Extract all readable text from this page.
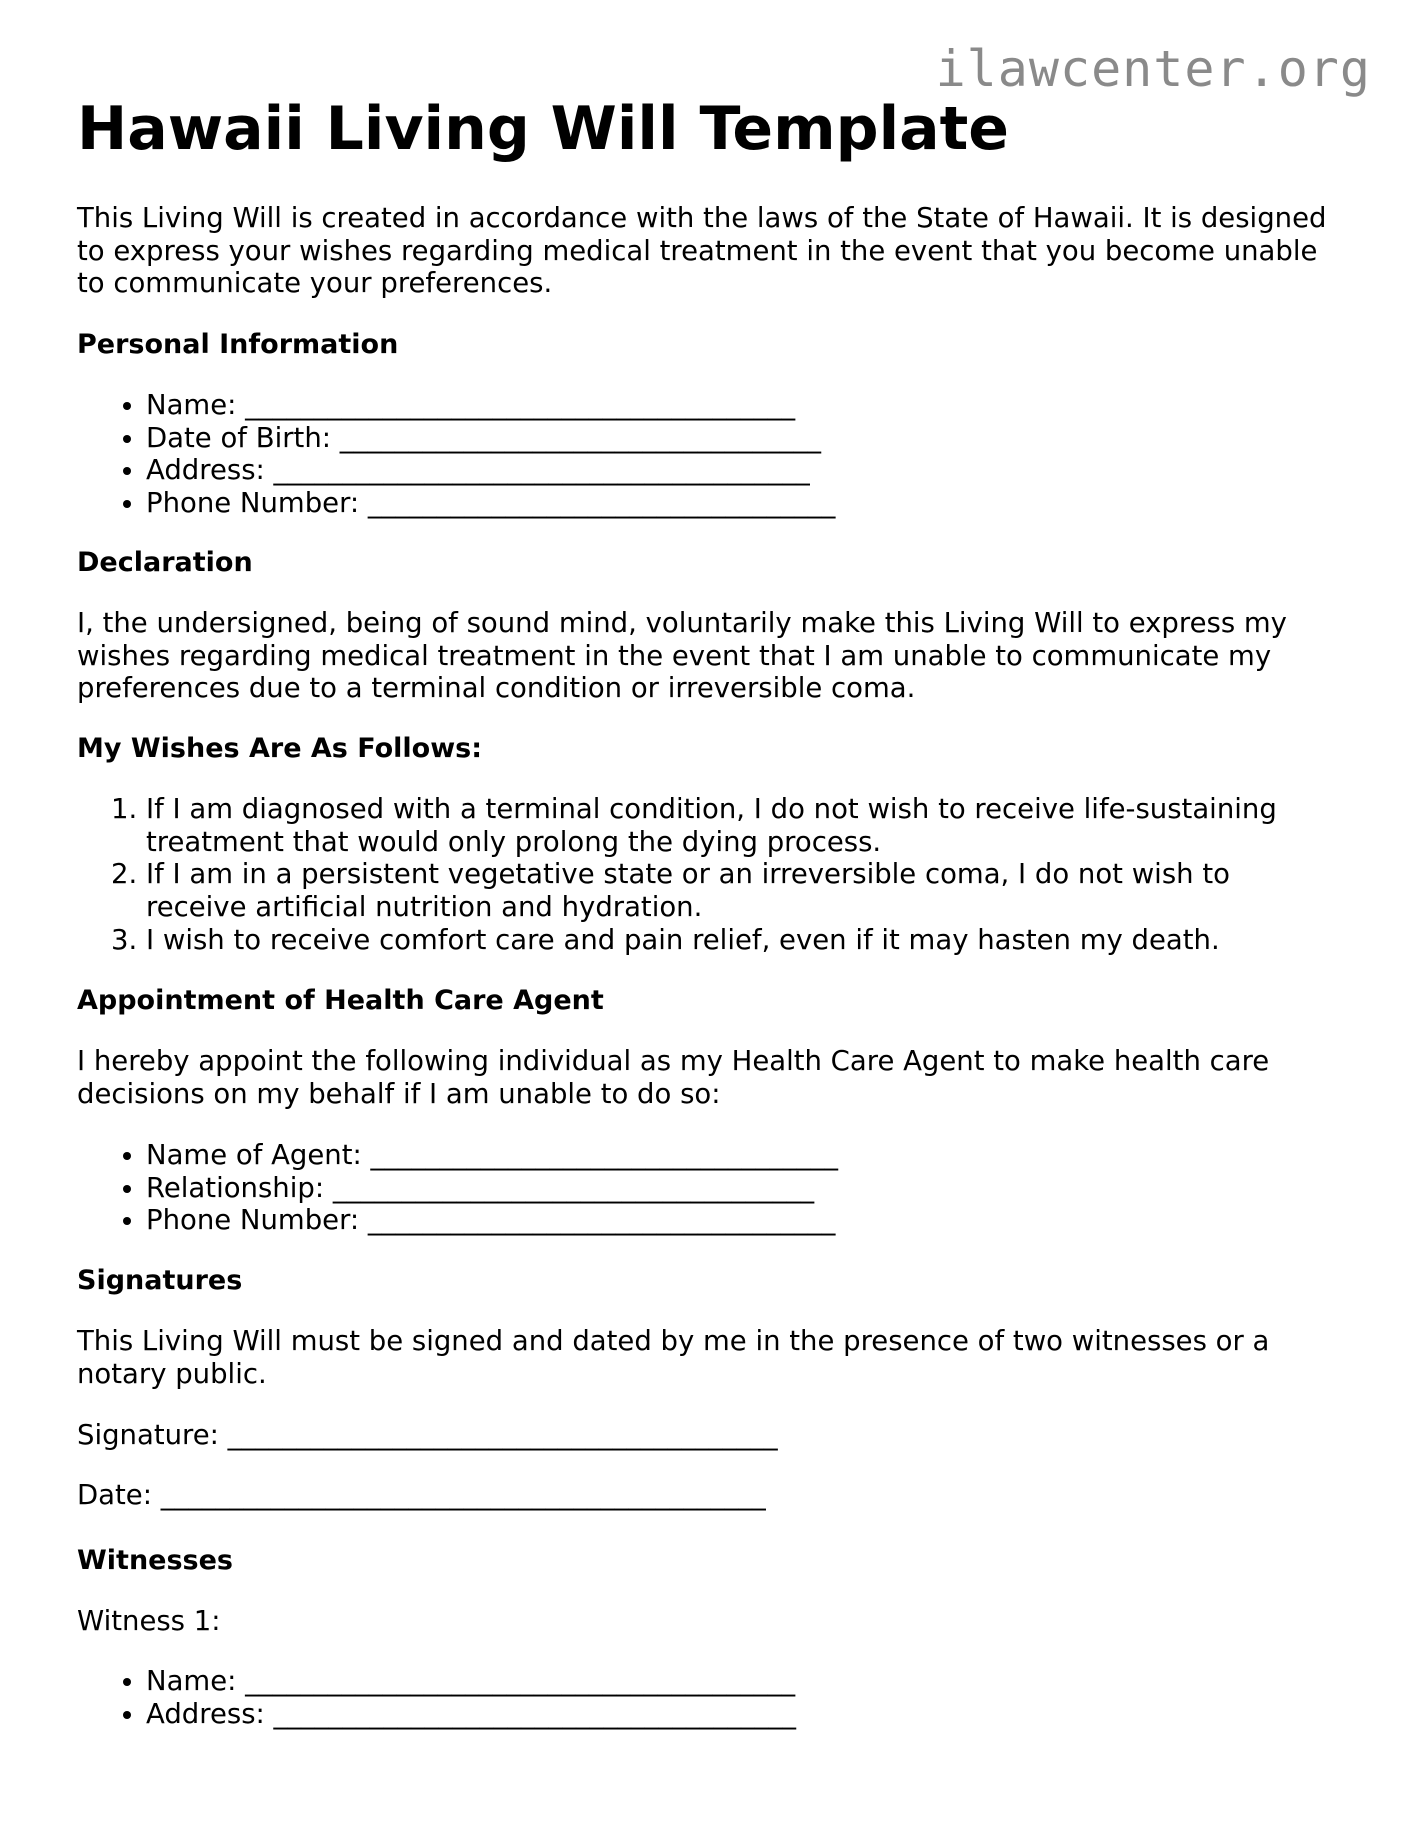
ilawcenter.org
Hawaii Living Will Template

This Living Will is created in accordance with the laws of the State of Hawaii. It is designed to express your wishes regarding medical treatment in the event that you become unable to communicate your preferences.

Personal Information
• Name: ________________________________________
• Date of Birth: ___________________________________
• Address: _______________________________________
• Phone Number: __________________________________
Declaration

I, the undersigned, being of sound mind, voluntarily make this Living Will to express my wishes regarding medical treatment in the event that I am unable to communicate my preferences due to a terminal condition or irreversible coma.

My Wishes Are As Follows:
1. If I am diagnosed with a terminal condition, I do not wish to receive life-sustaining treatment that would only prolong the dying process.
2. If I am in a persistent vegetative state or an irreversible coma, I do not wish to receive artificial nutrition and hydration.
3. I wish to receive comfort care and pain relief, even if it may hasten my death.
Appointment of Health Care Agent

I hereby appoint the following individual as my Health Care Agent to make health care decisions on my behalf if I am unable to do so:

• Name of Agent: __________________________________
• Relationship: ___________________________________
• Phone Number: __________________________________
Signatures

This Living Will must be signed and dated by me in the presence of two witnesses or a notary public.

Signature: ________________________________________

Date: ____________________________________________

Witnesses

Witness 1:

• Name: ________________________________________
• Address: ______________________________________
